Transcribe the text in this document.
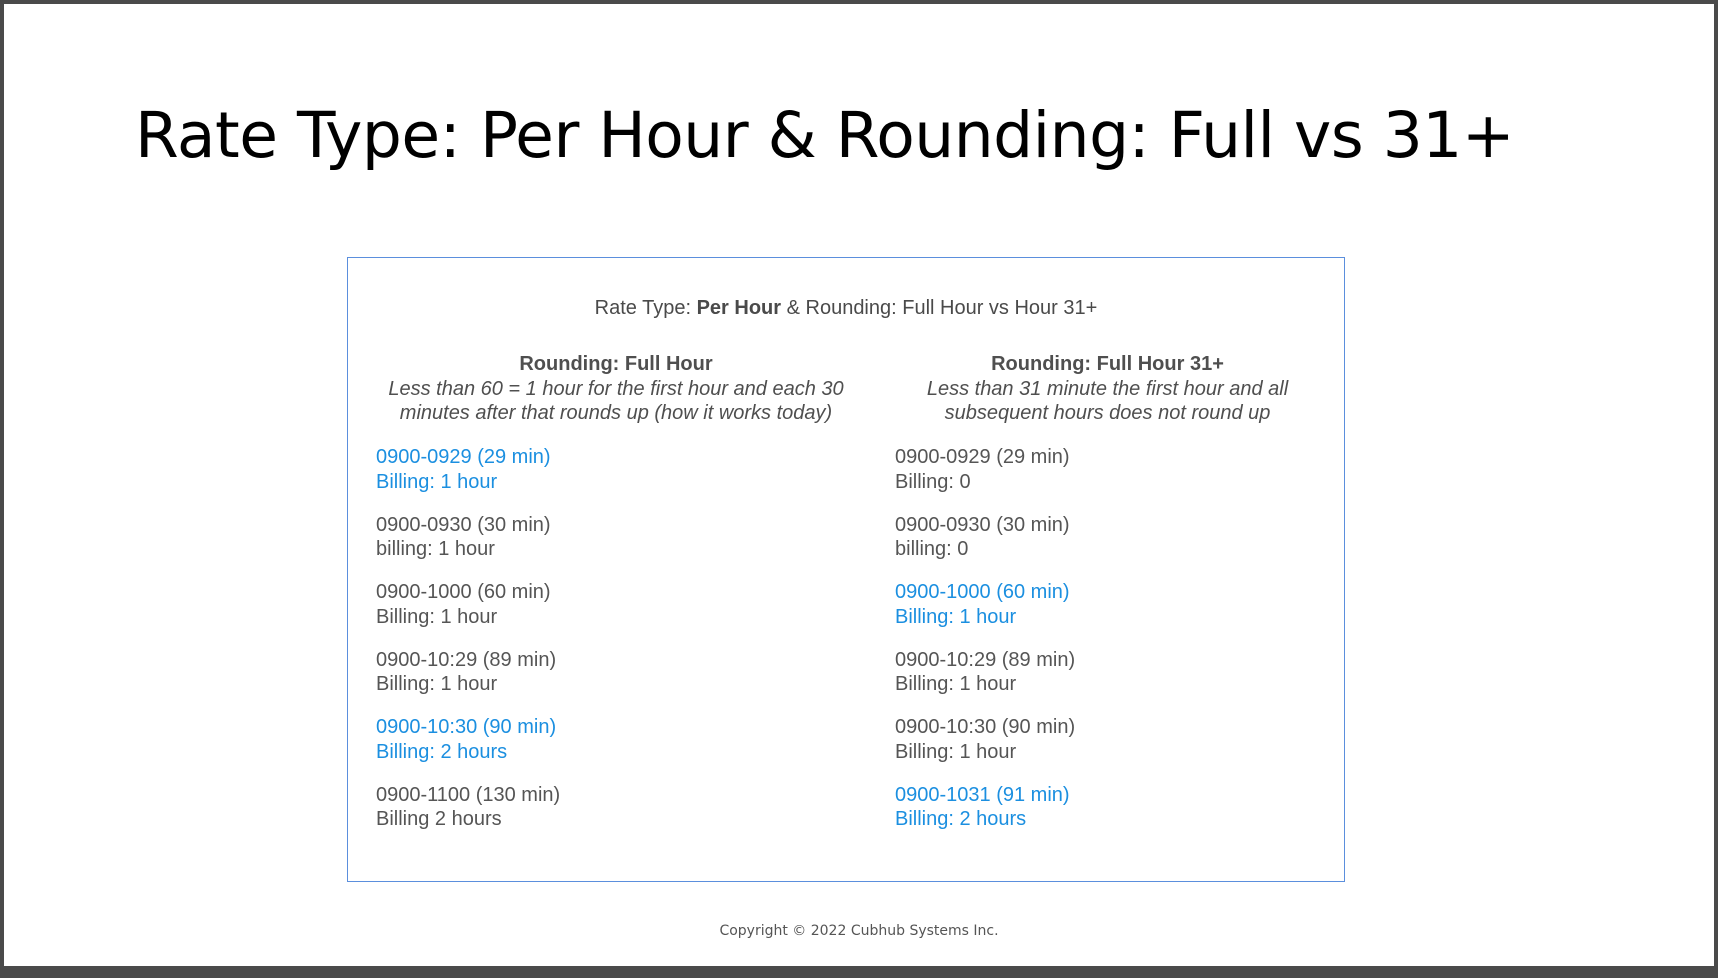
Rate Type: Per Hour & Rounding: Full vs 31+
Rate Type: Per Hour & Rounding: Full Hour vs Hour 31+
Rounding: Full Hour
Less than 60 = 1 hour for the first hour and each 30 minutes after that rounds up (how it works today)
0900-0929 (29 min)
Billing: 1 hour
0900-0930 (30 min)
billing: 1 hour
0900-1000 (60 min)
Billing: 1 hour
0900-10:29 (89 min)
Billing: 1 hour
0900-10:30 (90 min)
Billing: 2 hours
0900-1100 (130 min)
Billing 2 hours
Rounding: Full Hour 31+
Less than 31 minute the first hour and all subsequent hours does not round up
0900-0929 (29 min)
Billing: 0
0900-0930 (30 min)
billing: 0
0900-1000 (60 min)
Billing: 1 hour
0900-10:29 (89 min)
Billing: 1 hour
0900-10:30 (90 min)
Billing: 1 hour
0900-1031 (91 min)
Billing: 2 hours
Copyright © 2022 Cubhub Systems Inc.
